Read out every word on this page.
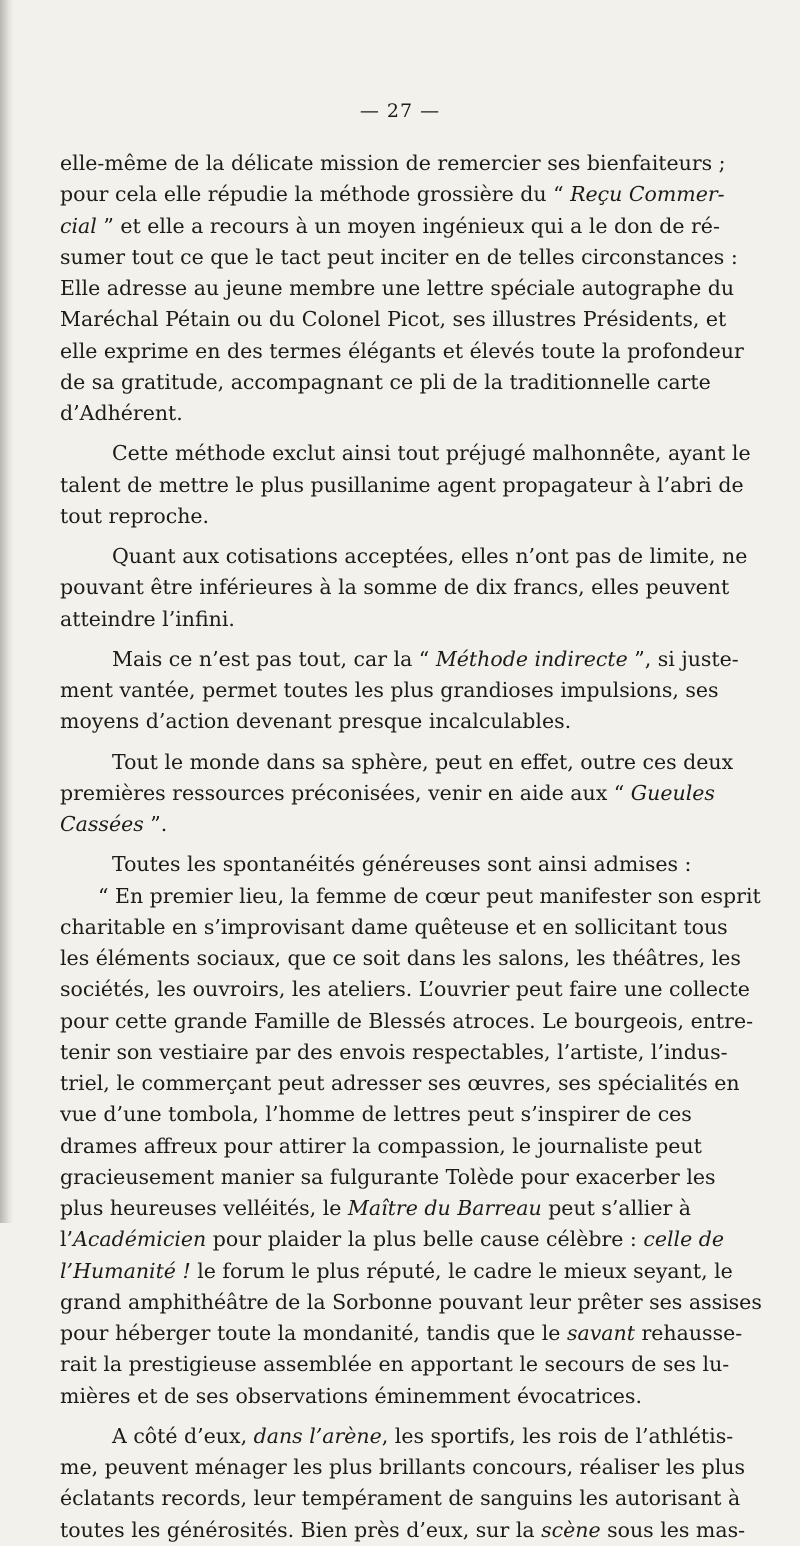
— 27 —
elle-même de la délicate mission de remercier ses bienfaiteurs ;
pour cela elle répudie la méthode grossière du “ Reçu Commer-
cial ” et elle a recours à un moyen ingénieux qui a le don de ré-
sumer tout ce que le tact peut inciter en de telles circonstances :
Elle adresse au jeune membre une lettre spéciale autographe du
Maréchal Pétain ou du Colonel Picot, ses illustres Présidents, et
elle exprime en des termes élégants et élevés toute la profondeur
de sa gratitude, accompagnant ce pli de la traditionnelle carte
d’Adhérent.
Cette méthode exclut ainsi tout préjugé malhonnête, ayant le
talent de mettre le plus pusillanime agent propagateur à l’abri de
tout reproche.
Quant aux cotisations acceptées, elles n’ont pas de limite, ne
pouvant être inférieures à la somme de dix francs, elles peuvent
atteindre l’infini.
Mais ce n’est pas tout, car la “ Méthode indirecte ”, si juste-
ment vantée, permet toutes les plus grandioses impulsions, ses
moyens d’action devenant presque incalculables.
Tout le monde dans sa sphère, peut en effet, outre ces deux
premières ressources préconisées, venir en aide aux “ Gueules
Cassées ”.
Toutes les spontanéités généreuses sont ainsi admises :
“ En premier lieu, la femme de cœur peut manifester son esprit
charitable en s’improvisant dame quêteuse et en sollicitant tous
les éléments sociaux, que ce soit dans les salons, les théâtres, les
sociétés, les ouvroirs, les ateliers. L’ouvrier peut faire une collecte
pour cette grande Famille de Blessés atroces. Le bourgeois, entre-
tenir son vestiaire par des envois respectables, l’artiste, l’indus-
triel, le commerçant peut adresser ses œuvres, ses spécialités en
vue d’une tombola, l’homme de lettres peut s’inspirer de ces
drames affreux pour attirer la compassion, le journaliste peut
gracieusement manier sa fulgurante Tolède pour exacerber les
plus heureuses velléités, le Maître du Barreau peut s’allier à
l’Académicien pour plaider la plus belle cause célèbre : celle de
l’Humanité ! le forum le plus réputé, le cadre le mieux seyant, le
grand amphithéâtre de la Sorbonne pouvant leur prêter ses assises
pour héberger toute la mondanité, tandis que le savant rehausse-
rait la prestigieuse assemblée en apportant le secours de ses lu-
mières et de ses observations éminemment évocatrices.
A côté d’eux, dans l’arène, les sportifs, les rois de l’athlétis-
me, peuvent ménager les plus brillants concours, réaliser les plus
éclatants records, leur tempérament de sanguins les autorisant à
toutes les générosités. Bien près d’eux, sur la scène sous les mas-
